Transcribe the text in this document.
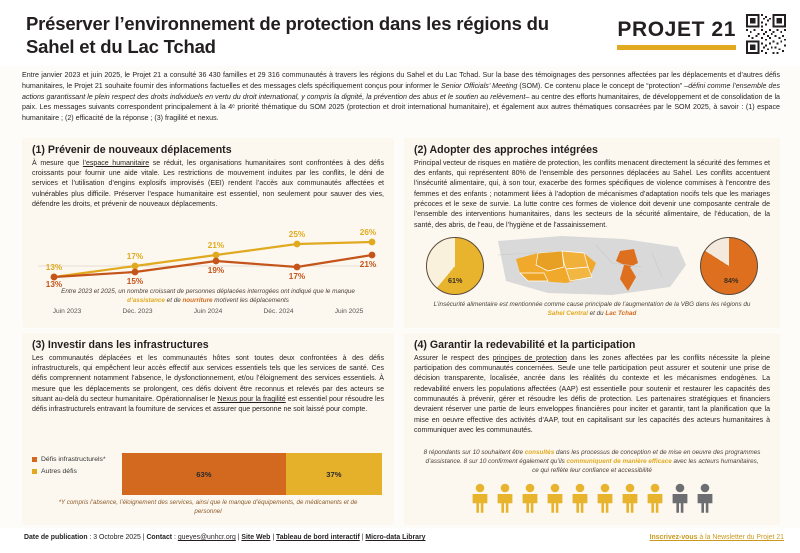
Préserver l’environnement de protection dans les régions du Sahel et du Lac Tchad
PROJET 21
Entre janvier 2023 et juin 2025, le Projet 21 a consulté 36 430 familles et 29 316 communautés à travers les régions du Sahel et du Lac Tchad. Sur la base des témoignages des personnes affectées par les déplacements et d’autres défis humanitaires, le Projet 21 souhaite fournir des informations factuelles et des messages clefs spécifiquement conçus pour informer le Senior Officials’ Meeting (SOM). Ce contenu place le concept de “protection” –défini comme l’ensemble des actions garantissant le plein respect des droits individuels en vertu du droit international, y compris la dignité, la prévention des abus et le soutien au relèvement– au centre des efforts humanitaires, de développement et de consolidation de la paix. Les messages suivants correspondent principalement à la 4ᵉ priorité thématique du SOM 2025 (protection et droit international humanitaire), et également aux autres thématiques consacrées par le SOM 2025, à savoir : (1) espace humanitaire ; (2) efficacité de la réponse ; (3) fragilité et nexus.
(1) Prévenir de nouveaux déplacements
À mesure que l’espace humanitaire se réduit, les organisations humanitaires sont confrontées à des défis croissants pour fournir une aide vitale. Les restrictions de mouvement induites par les conflits, le déni de services et l’utilisation d’engins explosifs improvisés (EEI) rendent l’accès aux communautés affectées et vulnérables plus difficile. Préserver l’espace humanitaire est essentiel, non seulement pour sauver des vies, défendre les droits, et prévenir de nouveaux déplacements.
13%
17%
21%
25%	26%
13%	15%
19%
17%
21%
Entre 2023 et 2025, un nombre croissant de personnes déplacées interrogées ont indiqué que le manque d’assistance et de nourriture motivent les déplacements
Juin 2023	Déc. 2023	Juin 2024	Déc. 2024	Juin 2025
(2) Adopter des approches intégrées
Principal vecteur de risques en matière de protection, les conflits menacent directement la sécurité des femmes et des enfants, qui représentent 80% de l’ensemble des personnes déplacées au Sahel. Les conflits accentuent l’insécurité alimentaire, qui, à son tour, exacerbe des formes spécifiques de violence commises à l’encontre des femmes et des enfants ; notamment liées à l’adoption de mécanismes d’adaptation nocifs tels que les mariages précoces et le sexe de survie. La lutte contre ces formes de violence doit devenir une composante centrale de l’ensemble des interventions humanitaires, dans les secteurs de la sécurité alimentaire, de l’éducation, de la santé, des abris, de l’eau, de l’hygiène et de l’assainissement.
61%	84%
L’insécurité alimentaire est mentionnée comme cause principale de l’augmentation de la VBG dans les régions du Sahel Central et du Lac Tchad
(3) Investir dans les infrastructures
Les communautés déplacées et les communautés hôtes sont toutes deux confrontées à des défis infrastructurels, qui empêchent leur accès effectif aux services essentiels tels que les services de santé. Ces défis comprennent notamment l’absence, le dysfonctionnement, et/ou l’éloignement des services essentiels. À mesure que les déplacements se prolongent, ces défis doivent être reconnus et relevés par des acteurs se situant au-delà du secteur humanitaire. Opérationnaliser le Nexus pour la fragilité est essentiel pour résoudre les défis infrastructurels entravant la fourniture de services et assurer que personne ne soit laissé pour compte.
Défis infrastructurels*
Autres défis	63%	37%
*Y compris l’absence, l’éloignement des services, ainsi que le manque d’équipements, de médicaments et de personnel
(4) Garantir la redevabilité et la participation
Assurer le respect des principes de protection dans les zones affectées par les conflits nécessite la pleine participation des communautés concernées. Seule une telle participation peut assurer et soutenir une prise de décision transparente, localisée, ancrée dans les réalités du contexte et les mécanismes endogènes. La redevabilité envers les populations affectées (AAP) est essentielle pour soutenir et restaurer les capacités des communautés à prévenir, gérer et résoudre les défis de protection. Les partenaires stratégiques et financiers devraient réserver une partie de leurs enveloppes financières pour inciter et garantir, tant la planification que la mise en oeuvre effective des activités d’AAP, tout en capitalisant sur les capacités des acteurs humanitaires à communiquer avec les communautés.
8 répondants sur 10 souhaitent être consultés dans les processus de conception et de mise en oeuvre des programmes d’assistance. 8 sur 10 confirment également qu’ils communiquent de manière efficace avec les acteurs humanitaires, ce qui reflète leur confiance et accessibilité
Date de publication : 3 Octobre 2025 | Contact : gueyes@unhcr.org | Site Web | Tableau de bord interactif | Micro-data Library	Inscrivez-vous à la Newsletter du Projet 21
